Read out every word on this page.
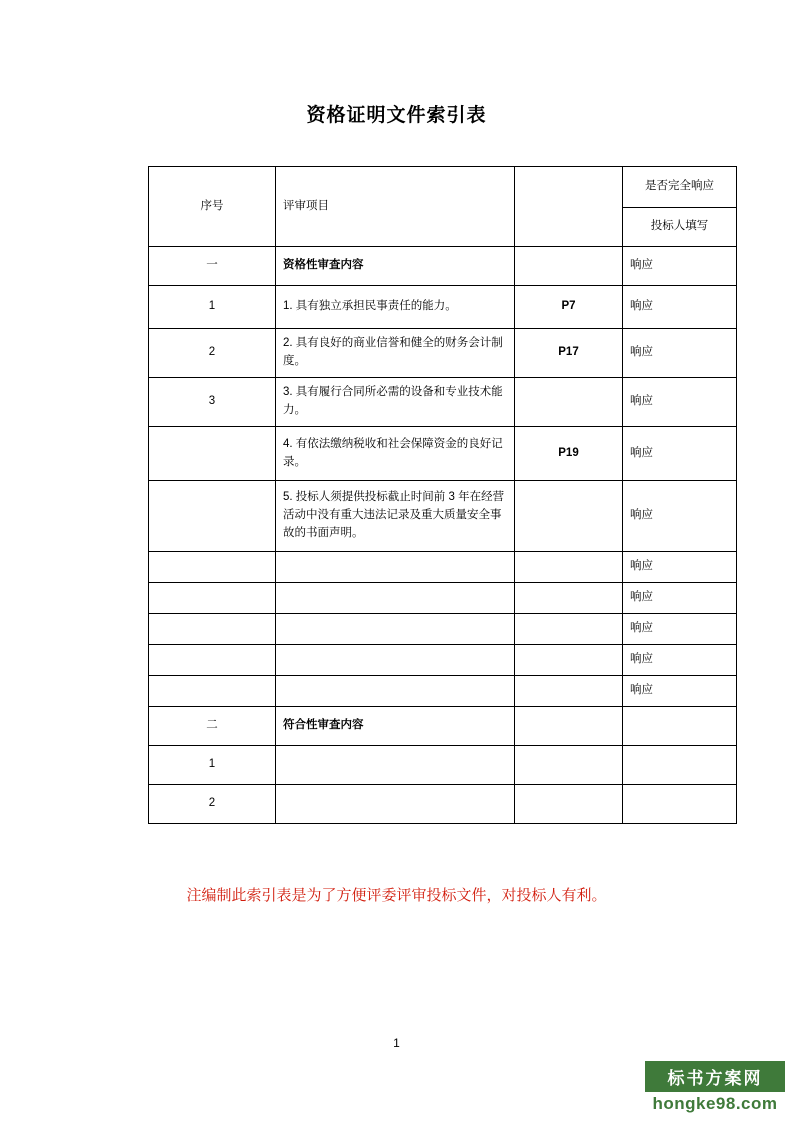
资格证明文件索引表
序号	评审项目		是否完全响应
			投标人填写
一	资格性审查内容		响应
1	1. 具有独立承担民事责任的能力。	P7	响应
2	2. 具有良好的商业信誉和健全的财务会计制度。	P17	响应
3	3. 具有履行合同所必需的设备和专业技术能力。		响应
	4. 有依法缴纳税收和社会保障资金的良好记录。	P19	响应
	5. 投标人须提供投标截止时间前 3 年在经营活动中没有重大违法记录及重大质量安全事故的书面声明。		响应
			响应
			响应
			响应
			响应
			响应
二	符合性审查内容		
1			
2			
注编制此索引表是为了方便评委评审投标文件，对投标人有利。
1
标书方案网
hongke98.com
